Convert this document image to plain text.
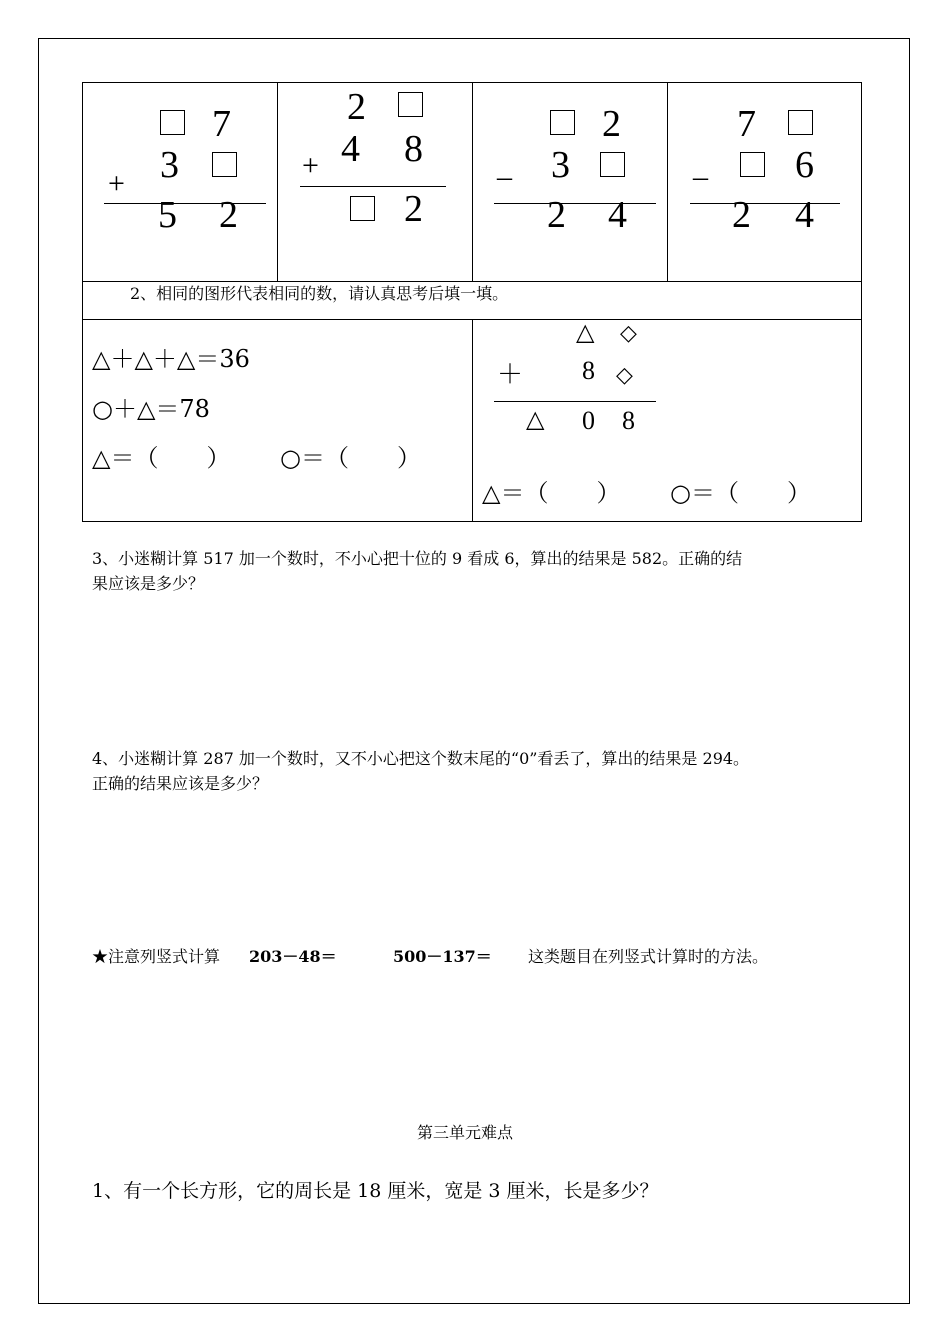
7
+ 3
5 2
2
+ 4 8
2
2
_ 3
2 4
7
_ 6
2 4
2、相同的图形代表相同的数，请认真思考后填一填。
△＋△＋△＝36
○＋△＝78
△＝（　　） ○＝（　　）
△ ◇
＋ 8 ◇
△ 0 8
△＝（　　） ○＝（　　）
3、小迷糊计算 517 加一个数时，不小心把十位的 9 看成 6，算出的结果是 582。正确的结
果应该是多少？
4、小迷糊计算 287 加一个数时，又不小心把这个数末尾的“0”看丢了，算出的结果是 294。
正确的结果应该是多少？
★注意列竖式计算 203－48＝	500－137＝ 这类题目在列竖式计算时的方法。
第三单元难点
1、有一个长方形，它的周长是 18 厘米，宽是 3 厘米，长是多少？
